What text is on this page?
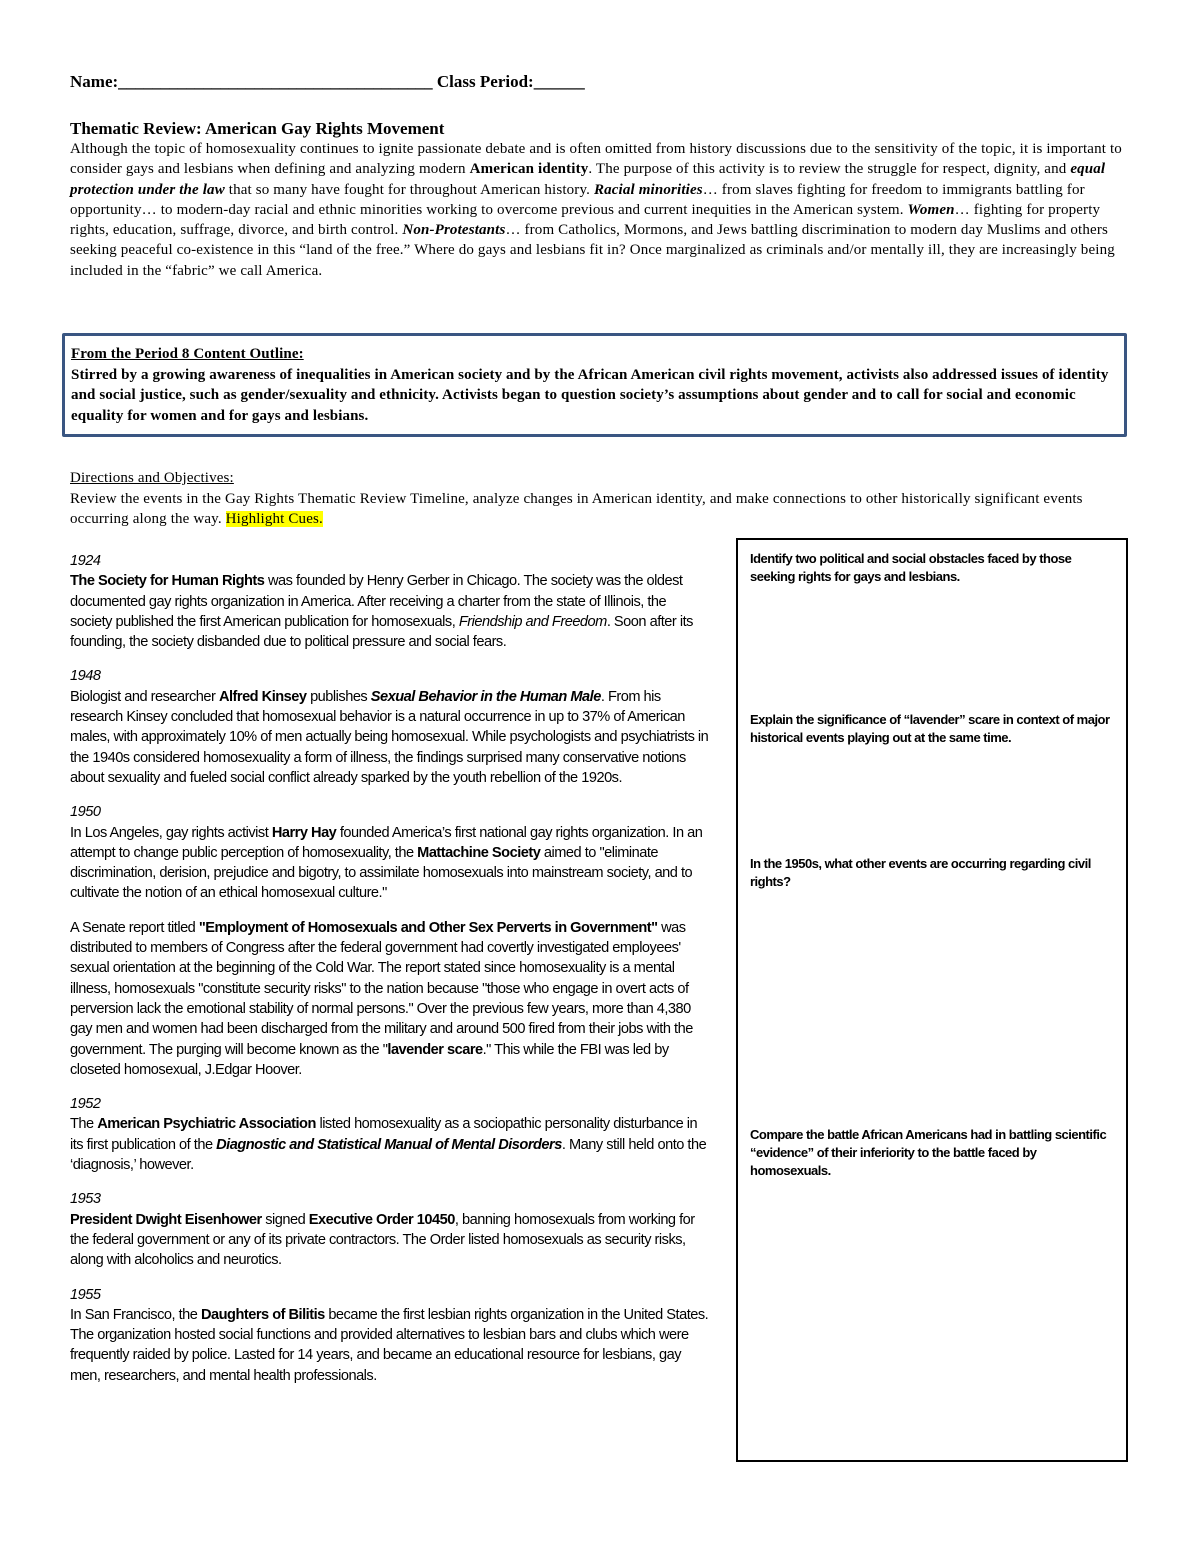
Name:_____________________________________ Class Period:______
Thematic Review: American Gay Rights Movement

Although the topic of homosexuality continues to ignite passionate debate and is often omitted from history discussions due to the sensitivity of the topic, it is important to consider gays and lesbians when defining and analyzing modern American identity. The purpose of this activity is to review the struggle for respect, dignity, and equal protection under the law that so many have fought for throughout American history. Racial minorities… from slaves fighting for freedom to immigrants battling for opportunity… to modern-day racial and ethnic minorities working to overcome previous and current inequities in the American system. Women… fighting for property rights, education, suffrage, divorce, and birth control. Non-Protestants… from Catholics, Mormons, and Jews battling discrimination to modern day Muslims and others seeking peaceful co-existence in this “land of the free.” Where do gays and lesbians fit in? Once marginalized as criminals and/or mentally ill, they are increasingly being included in the “fabric” we call America.

From the Period 8 Content Outline:
Stirred by a growing awareness of inequalities in American society and by the African American civil rights movement, activists also addressed issues of identity and social justice, such as gender/sexuality and ethnicity. Activists began to question society’s assumptions about gender and to call for social and economic equality for women and for gays and lesbians.
Directions and Objectives:
Review the events in the Gay Rights Thematic Review Timeline, analyze changes in American identity, and make connections to other historically significant events occurring along the way. Highlight Cues.
1924

The Society for Human Rights was founded by Henry Gerber in Chicago. The society was the oldest documented gay rights organization in America. After receiving a charter from the state of Illinois, the society published the first American publication for homosexuals, Friendship and Freedom. Soon after its founding, the society disbanded due to political pressure and social fears.

1948

Biologist and researcher Alfred Kinsey publishes Sexual Behavior in the Human Male. From his research Kinsey concluded that homosexual behavior is a natural occurrence in up to 37% of American males, with approximately 10% of men actually being homosexual. While psychologists and psychiatrists in the 1940s considered homosexuality a form of illness, the findings surprised many conservative notions about sexuality and fueled social conflict already sparked by the youth rebellion of the 1920s.

1950

In Los Angeles, gay rights activist Harry Hay founded America’s first national gay rights organization. In an attempt to change public perception of homosexuality, the Mattachine Society aimed to "eliminate discrimination, derision, prejudice and bigotry, to assimilate homosexuals into mainstream society, and to cultivate the notion of an ethical homosexual culture."

A Senate report titled "Employment of Homosexuals and Other Sex Perverts in Government" was distributed to members of Congress after the federal government had covertly investigated employees' sexual orientation at the beginning of the Cold War. The report stated since homosexuality is a mental illness, homosexuals "constitute security risks" to the nation because "those who engage in overt acts of perversion lack the emotional stability of normal persons." Over the previous few years, more than 4,380 gay men and women had been discharged from the military and around 500 fired from their jobs with the government. The purging will become known as the "lavender scare." This while the FBI was led by closeted homosexual, J.Edgar Hoover.

1952

The American Psychiatric Association listed homosexuality as a sociopathic personality disturbance in its first publication of the Diagnostic and Statistical Manual of Mental Disorders. Many still held onto the ‘diagnosis,’ however.

1953

President Dwight Eisenhower signed Executive Order 10450, banning homosexuals from working for the federal government or any of its private contractors. The Order listed homosexuals as security risks, along with alcoholics and neurotics.

1955

In San Francisco, the Daughters of Bilitis became the first lesbian rights organization in the United States. The organization hosted social functions and provided alternatives to lesbian bars and clubs which were frequently raided by police. Lasted for 14 years, and became an educational resource for lesbians, gay men, researchers, and mental health professionals.

Identify two political and social obstacles faced by those seeking rights for gays and lesbians.
Explain the significance of “lavender” scare in context of major historical events playing out at the same time.
In the 1950s, what other events are occurring regarding civil rights?
Compare the battle African Americans had in battling scientific “evidence” of their inferiority to the battle faced by homosexuals.
